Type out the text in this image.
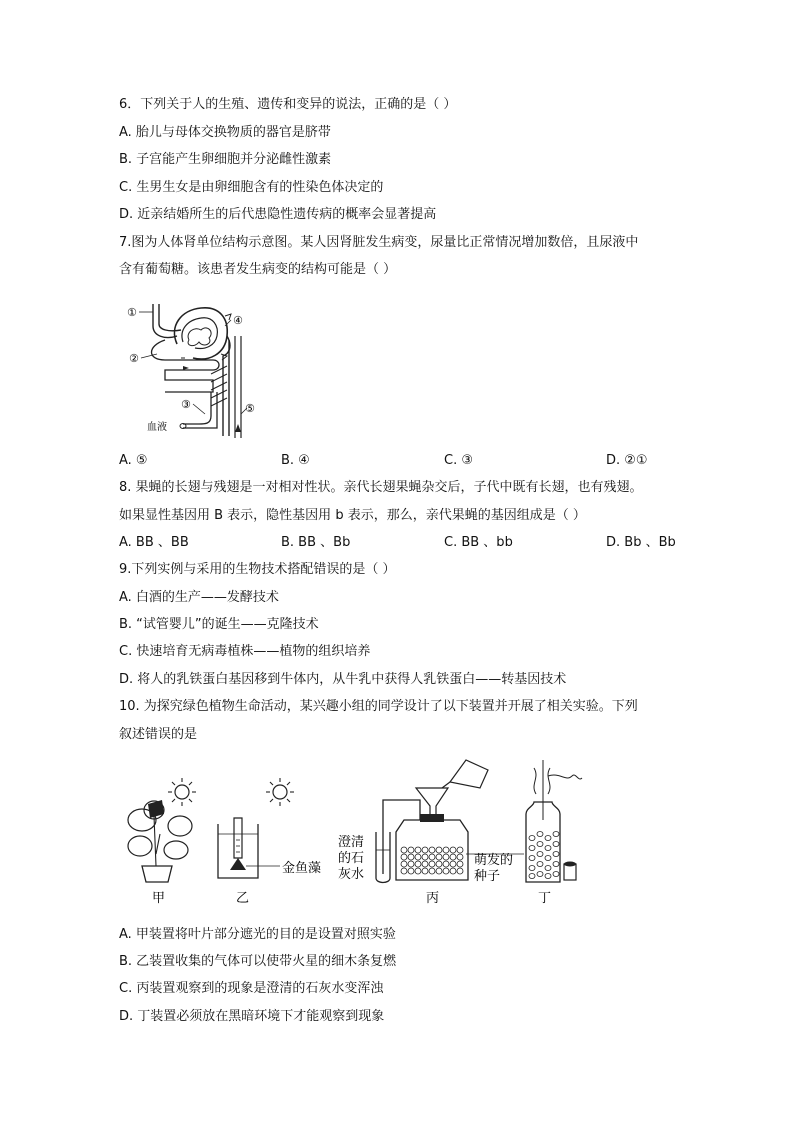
6．下列关于人的生殖、遗传和变异的说法，正确的是（ ）
A. 胎儿与母体交换物质的器官是脐带
B. 子宫能产生卵细胞并分泌雌性激素
C. 生男生女是由卵细胞含有的性染色体决定的
D. 近亲结婚所生的后代患隐性遗传病的概率会显著提高
7.图为人体肾单位结构示意图。某人因肾脏发生病变，尿量比正常情况增加数倍，且尿液中
含有葡萄糖。该患者发生病变的结构可能是（ ）
①
②
③
④
⑤
血液
A. ⑤	B. ④	C. ③	D. ②①
8. 果蝇的长翅与残翅是一对相对性状。亲代长翅果蝇杂交后，子代中既有长翅，也有残翅。
如果显性基因用 B 表示，隐性基因用 b 表示，那么，亲代果蝇的基因组成是（ ）
A. BB 、BB	B. BB 、Bb	C. BB 、bb	D. Bb 、Bb
9.下列实例与采用的生物技术搭配错误的是（ ）
A. 白酒的生产——发酵技术
B. “试管婴儿”的诞生——克隆技术
C. 快速培育无病毒植株——植物的组织培养
D. 将人的乳铁蛋白基因移到牛体内，从牛乳中获得人乳铁蛋白——转基因技术
10. 为探究绿色植物生命活动，某兴趣小组的同学设计了以下装置并开展了相关实验。下列
叙述错误的是
甲
金鱼藻
乙
澄清
的石
灰水
丙
萌发的
种子
丁
A. 甲装置将叶片部分遮光的目的是设置对照实验
B. 乙装置收集的气体可以使带火星的细木条复燃
C. 丙装置观察到的现象是澄清的石灰水变浑浊
D. 丁装置必须放在黑暗环境下才能观察到现象
